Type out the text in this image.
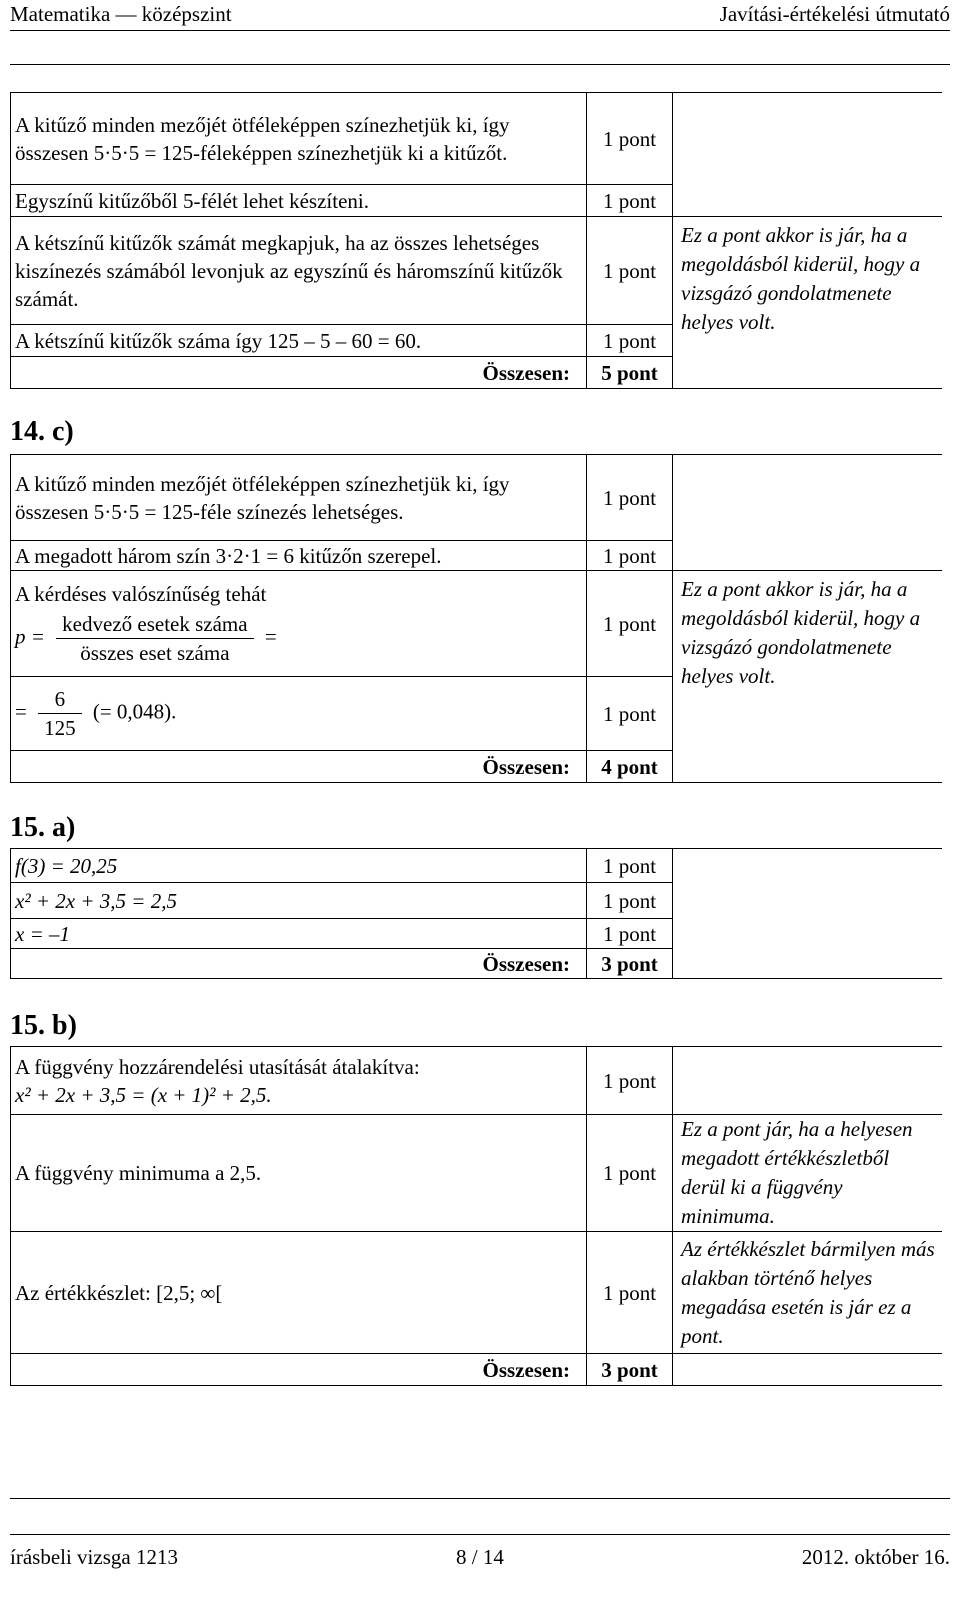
Matematika — középszint	Javítási-értékelési útmutató
A kitűző minden mezőjét ötféleképpen színezhetjük ki, így összesen 5·5·5 = 125-féleképpen színezhetjük ki a kitűzőt.	1 pont	
Egyszínű kitűzőből 5-félét lehet készíteni.	1 pont	
A kétszínű kitűzők számát megkapjuk, ha az összes lehetséges kiszínezés számából levonjuk az egyszínű és háromszínű kitűzők számát.	1 pont	Ez a pont akkor is jár, ha a megoldásból kiderül, hogy a vizsgázó gondolatmenete helyes volt.
A kétszínű kitűzők száma így 125 – 5 – 60 = 60.	1 pont	
Összesen:	5 pont	
14. c)
A kitűző minden mezőjét ötféleképpen színezhetjük ki, így összesen 5·5·5 = 125-féle színezés lehetséges.	1 pont	
A megadott három szín 3·2·1 = 6 kitűzőn szerepel.	1 pont	

A kérdéses valószínűség tehát
$p = \frac{\text{kedvező esetek száma}}{\text{összes eset száma}}$ =	1 pont	Ez a pont akkor is jár, ha a megoldásból kiderül, hogy a vizsgázó gondolatmenete helyes volt.
= $\frac{6}{125}$ (= 0,048).	1 pont	
Összesen:	4 pont	
15. a)
f(3) = 20,25	1 pont	
x² + 2x + 3,5 = 2,5	1 pont	
x = –1	1 pont	
Összesen:	3 pont	
15. b)
A függvény hozzárendelési utasítását átalakítva:
x² + 2x + 3,5 = (x + 1)² + 2,5.	1 pont	
A függvény minimuma a 2,5.	1 pont	Ez a pont jár, ha a helyesen megadott értékkészletből derül ki a függvény minimuma.
Az értékkészlet: [2,5; ∞[	1 pont	Az értékkészlet bármilyen más alakban történő helyes megadása esetén is jár ez a pont.
Összesen:	3 pont	
írásbeli vizsga 1213	8 / 14	2012. október 16.
